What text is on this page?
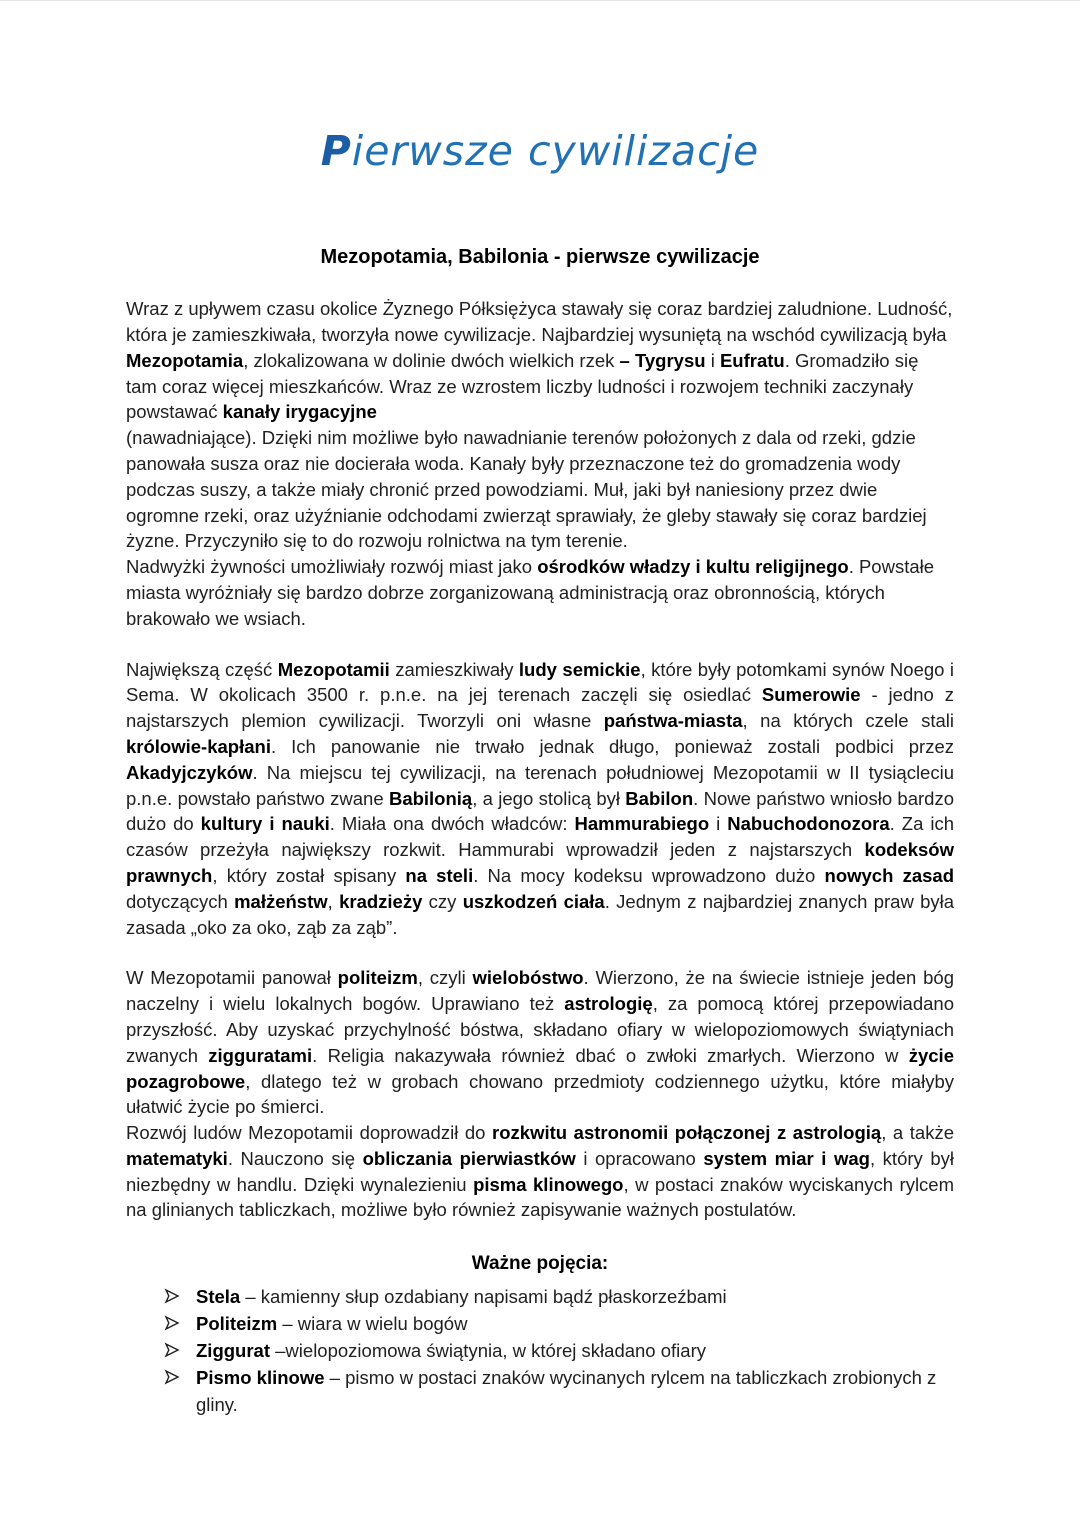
Pierwsze cywilizacje
Mezopotamia, Babilonia - pierwsze cywilizacje

Wraz z upływem czasu okolice Żyznego Półksiężyca stawały się coraz bardziej zaludnione. Ludność, która je zamieszkiwała, tworzyła nowe cywilizacje. Najbardziej wysuniętą na wschód cywilizacją była Mezopotamia, zlokalizowana w dolinie dwóch wielkich rzek – Tygrysu i Eufratu. Gromadziło się tam coraz więcej mieszkańców. Wraz ze wzrostem liczby ludności i rozwojem techniki zaczynały powstawać kanały irygacyjne
(nawadniające). Dzięki nim możliwe było nawadnianie terenów położonych z dala od rzeki, gdzie panowała susza oraz nie docierała woda. Kanały były przeznaczone też do gromadzenia wody podczas suszy, a także miały chronić przed powodziami. Muł, jaki był naniesiony przez dwie ogromne rzeki, oraz użyźnianie odchodami zwierząt sprawiały, że gleby stawały się coraz bardziej żyzne. Przyczyniło się to do rozwoju rolnictwa na tym terenie.
Nadwyżki żywności umożliwiały rozwój miast jako ośrodków władzy i kultu religijnego. Powstałe miasta wyróżniały się bardzo dobrze zorganizowaną administracją oraz obronnością, których brakowało we wsiach.

Największą część Mezopotamii zamieszkiwały ludy semickie, które były potomkami synów Noego i Sema. W okolicach 3500 r. p.n.e. na jej terenach zaczęli się osiedlać Sumerowie - jedno z najstarszych plemion cywilizacji. Tworzyli oni własne państwa-miasta, na których czele stali królowie-kapłani. Ich panowanie nie trwało jednak długo, ponieważ zostali podbici przez Akadyjczyków. Na miejscu tej cywilizacji, na terenach południowej Mezopotamii w II tysiącleciu p.n.e. powstało państwo zwane Babilonią, a jego stolicą był Babilon. Nowe państwo wniosło bardzo dużo do kultury i nauki. Miała ona dwóch władców: Hammurabiego i Nabuchodonozora. Za ich czasów przeżyła największy rozkwit. Hammurabi wprowadził jeden z najstarszych kodeksów prawnych, który został spisany na steli. Na mocy kodeksu wprowadzono dużo nowych zasad dotyczących małżeństw, kradzieży czy uszkodzeń ciała. Jednym z najbardziej znanych praw była zasada „oko za oko, ząb za ząb”.

W Mezopotamii panował politeizm, czyli wielobóstwo. Wierzono, że na świecie istnieje jeden bóg naczelny i wielu lokalnych bogów. Uprawiano też astrologię, za pomocą której przepowiadano przyszłość. Aby uzyskać przychylność bóstwa, składano ofiary w wielopoziomowych świątyniach zwanych zigguratami. Religia nakazywała również dbać o zwłoki zmarłych. Wierzono w życie pozagrobowe, dlatego też w grobach chowano przedmioty codziennego użytku, które miałyby ułatwić życie po śmierci.
Rozwój ludów Mezopotamii doprowadził do rozkwitu astronomii połączonej z astrologią, a także matematyki. Nauczono się obliczania pierwiastków i opracowano system miar i wag, który był niezbędny w handlu. Dzięki wynalezieniu pisma klinowego, w postaci znaków wyciskanych rylcem na glinianych tabliczkach, możliwe było również zapisywanie ważnych postulatów.

Ważne pojęcia:
Stela – kamienny słup ozdabiany napisami bądź płaskorzeźbami
Politeizm – wiara w wielu bogów
Ziggurat –wielopoziomowa świątynia, w której składano ofiary
Pismo klinowe – pismo w postaci znaków wycinanych rylcem na tabliczkach zrobionych z gliny.
